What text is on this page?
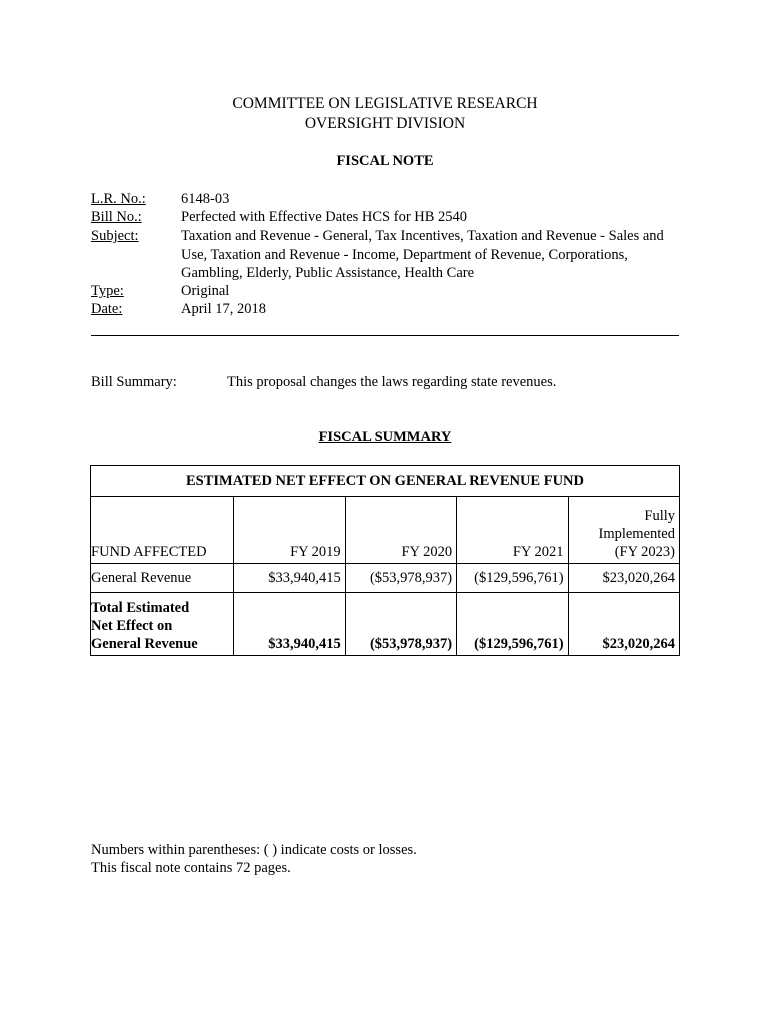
COMMITTEE ON LEGISLATIVE RESEARCH
OVERSIGHT DIVISION
FISCAL NOTE
L.R. No.: 6148-03
Bill No.:	Perfected with Effective Dates HCS for HB 2540
Subject:	Taxation and Revenue - General, Tax Incentives, Taxation and Revenue - Sales and Use, Taxation and Revenue - Income, Department of Revenue, Corporations, Gambling, Elderly, Public Assistance, Health Care
Type:	Original
Date:	April 17, 2018
Bill Summary:	This proposal changes the laws regarding state revenues.
FISCAL SUMMARY
ESTIMATED NET EFFECT ON GENERAL REVENUE FUND				
FUND AFFECTED	FY 2019	FY 2020	FY 2021	Fully
Implemented
(FY 2023)

General Revenue	$33,940,415	($53,978,937)	($129,596,761)	$23,020,264

Total Estimated
Net Effect on
General Revenue	$33,940,415	($53,978,937)	($129,596,761)	$23,020,264
Numbers within parentheses: ( ) indicate costs or losses.
This fiscal note contains 72 pages.
